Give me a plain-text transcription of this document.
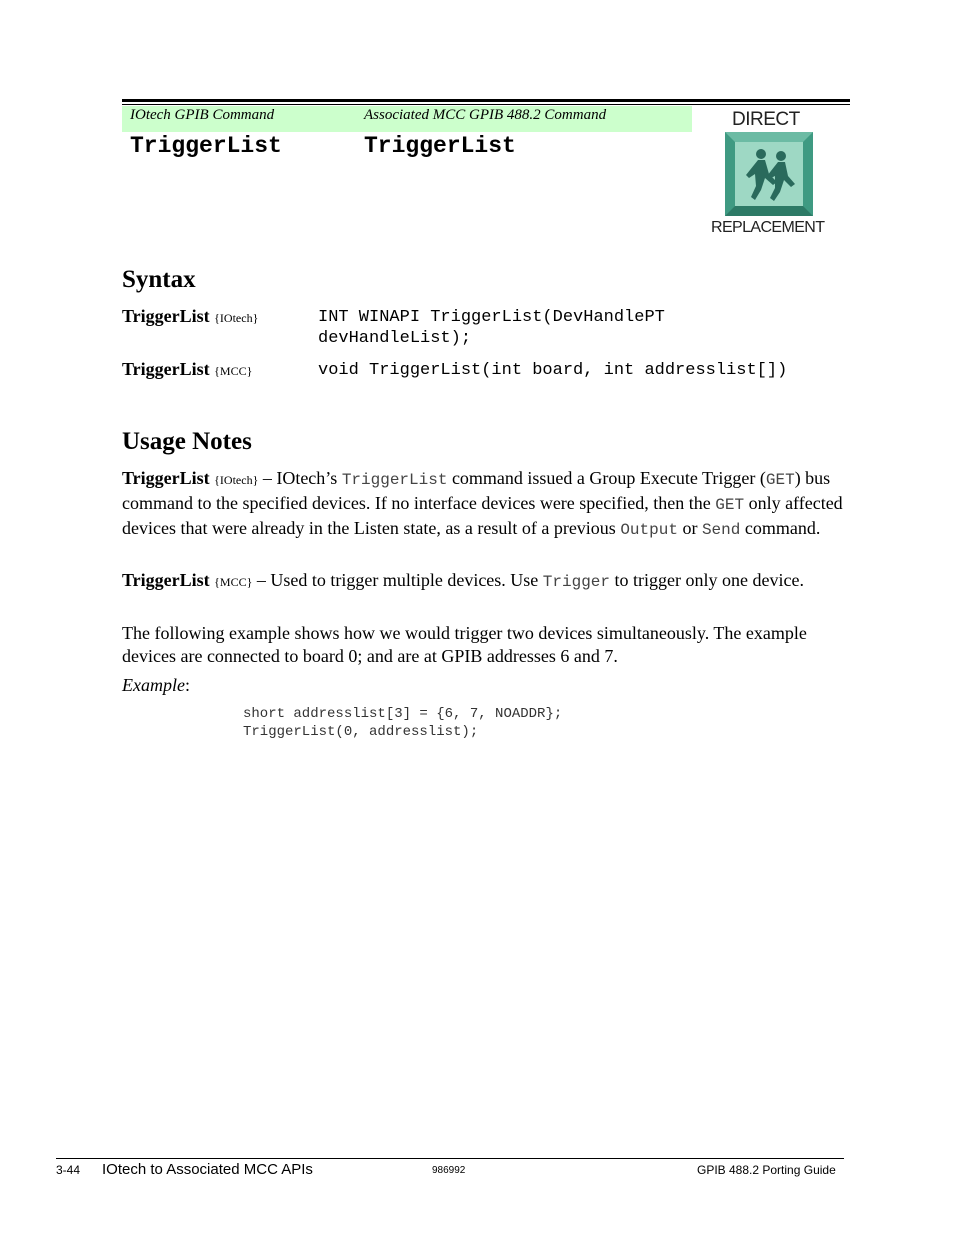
IOtech GPIB Command	Associated MCC GPIB 488.2 Command
TriggerList	TriggerList
DIRECT
REPLACEMENT
Syntax
TriggerList {IOtech}	INT WINAPI TriggerList(DevHandlePT
devHandleList);
TriggerList {MCC}	void TriggerList(int board, int addresslist[])
Usage Notes

TriggerList {IOtech} – IOtech’s TriggerList command issued a Group Execute Trigger (GET) bus command to the specified devices. If no interface devices were specified, then the GET only affected devices that were already in the Listen state, as a result of a previous Output or Send command.

TriggerList {MCC} – Used to trigger multiple devices. Use Trigger to trigger only one device.

The following example shows how we would trigger two devices simultaneously. The example devices are connected to board 0; and are at GPIB addresses 6 and 7.

Example:

short addresslist[3] = {6, 7, NOADDR};
TriggerList(0, addresslist);
3-44 IOtech to Associated MCC APIs	986992	GPIB 488.2 Porting Guide
